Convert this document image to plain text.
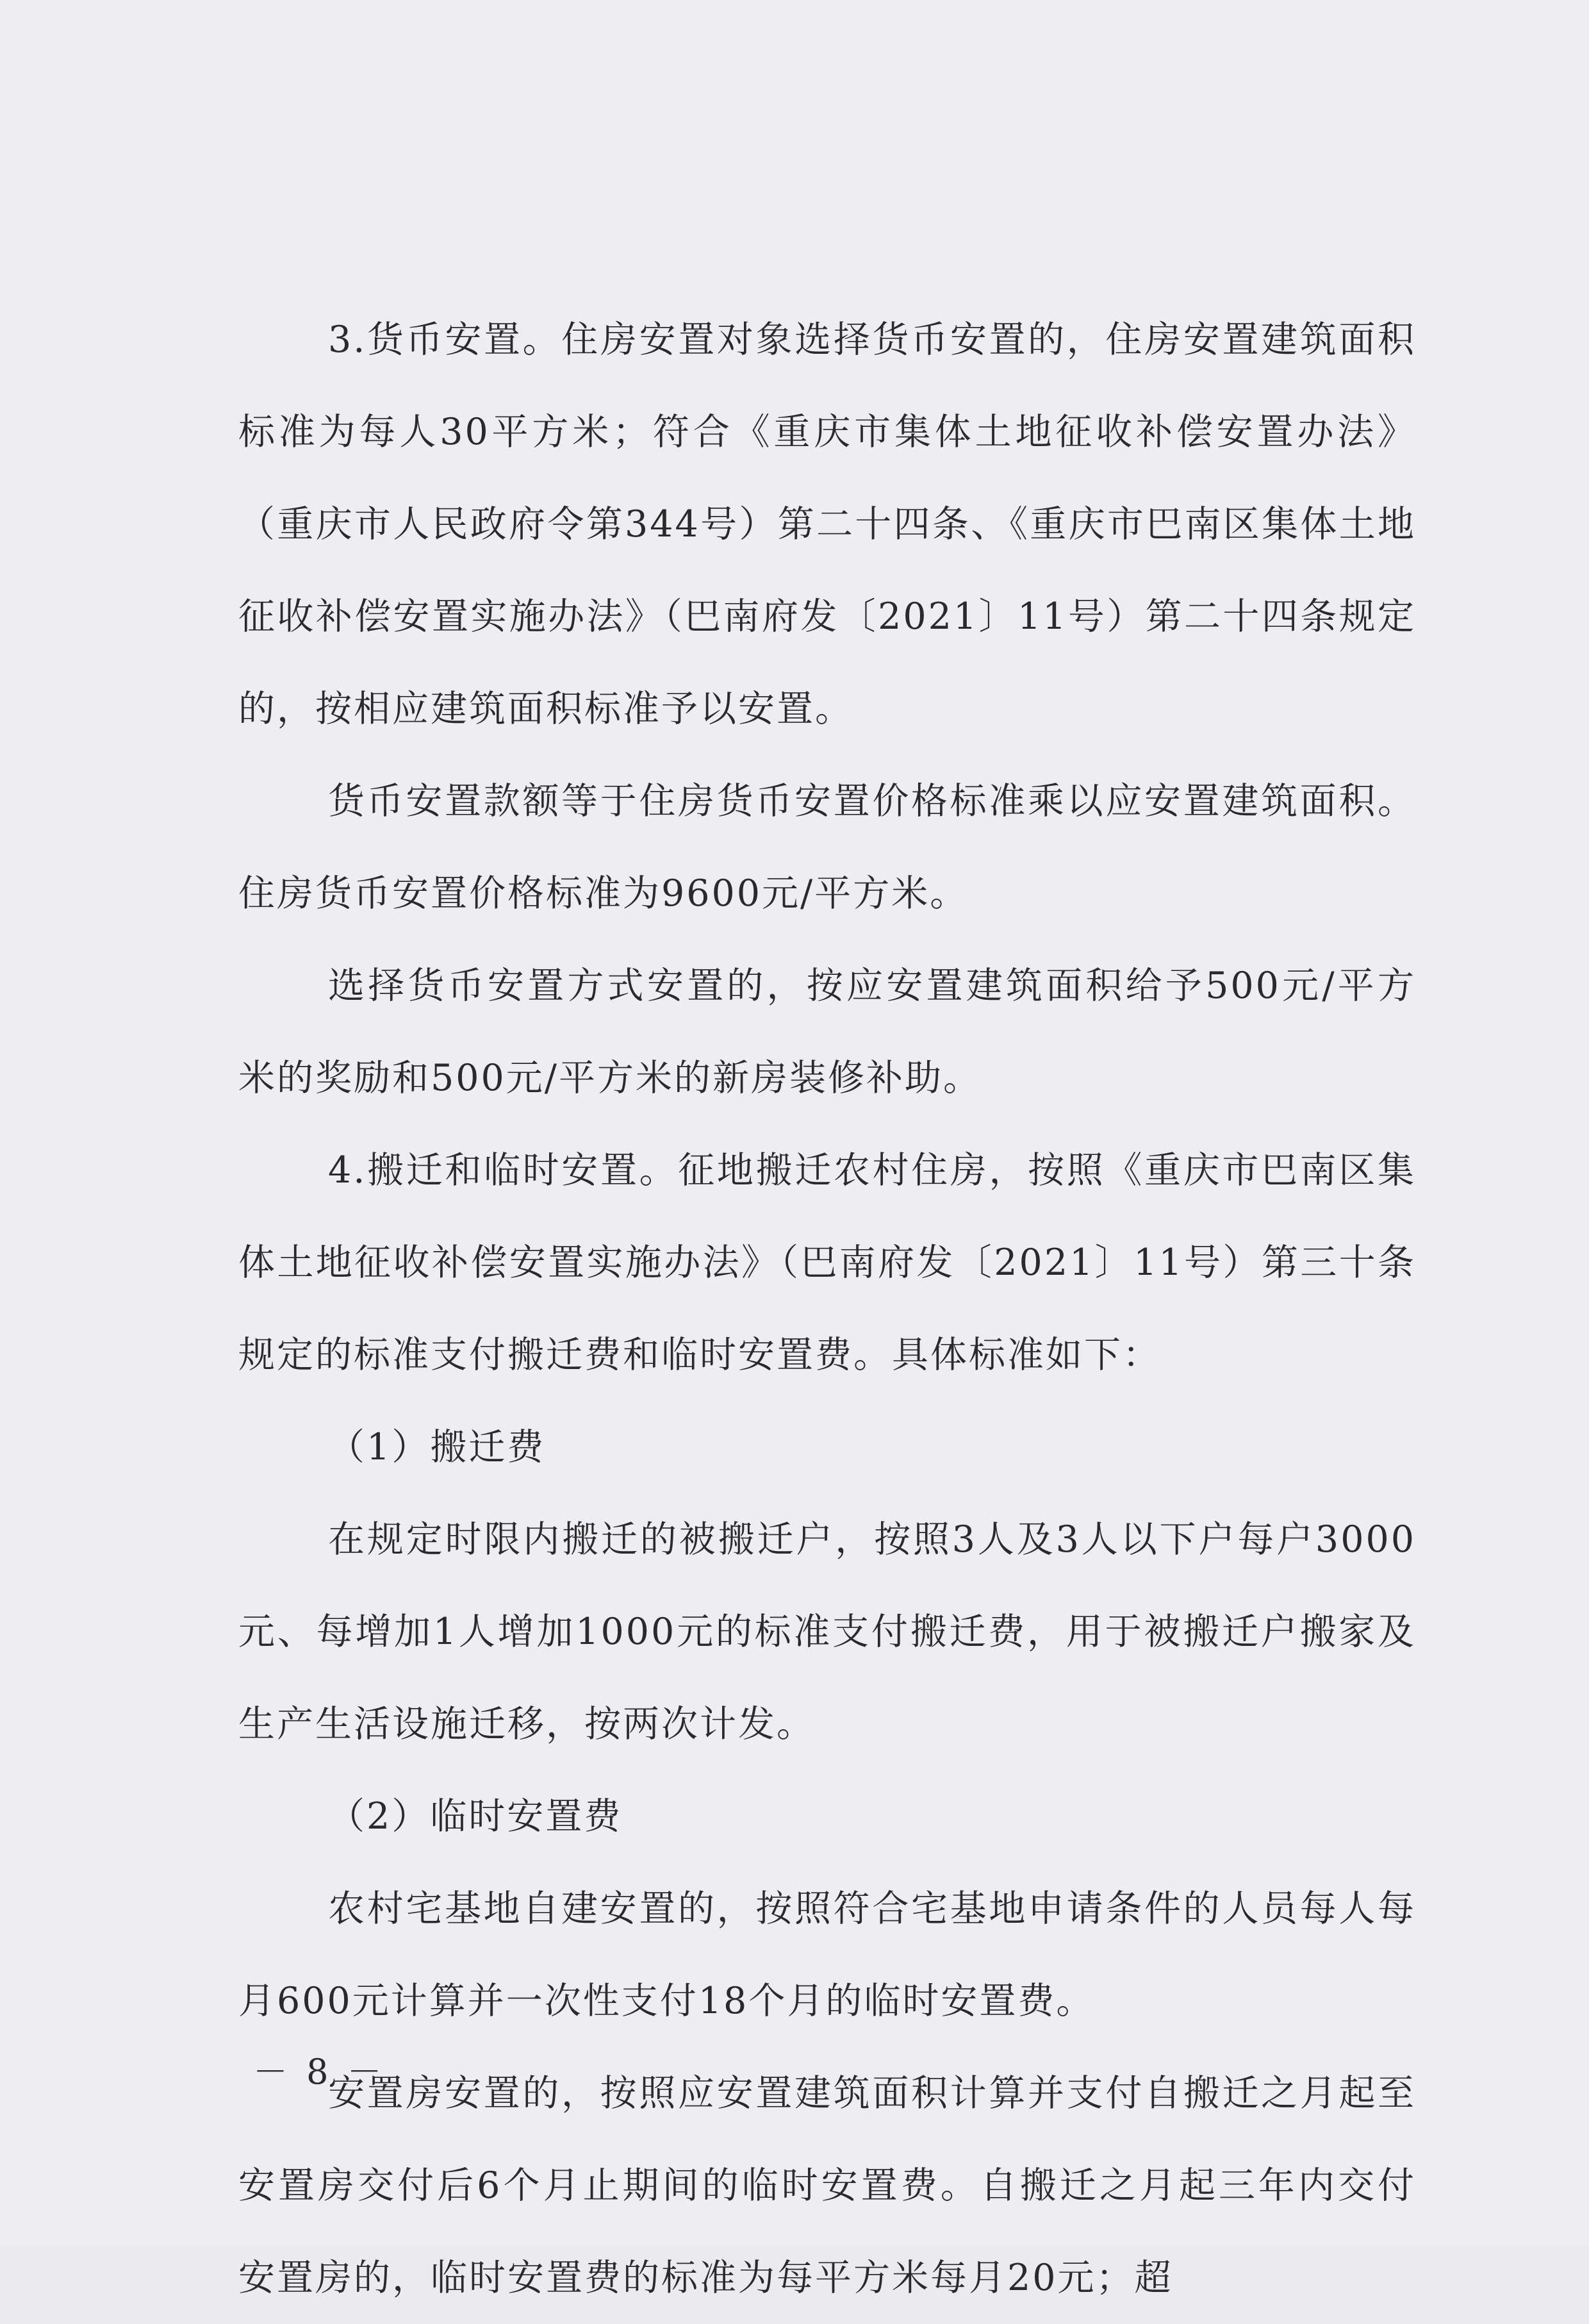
3.货币安置。住房安置对象选择货币安置的，住房安置建筑面积标准为每人30平方米；符合《重庆市集体土地征收补偿安置办法》（重庆市人民政府令第344号）第二十四条、《重庆市巴南区集体土地征收补偿安置实施办法》（巴南府发〔2021〕11号）第二十四条规定的，按相应建筑面积标准予以安置。

货币安置款额等于住房货币安置价格标准乘以应安置建筑面积。住房货币安置价格标准为9600元/平方米。

选择货币安置方式安置的，按应安置建筑面积给予500元/平方米的奖励和500元/平方米的新房装修补助。

4.搬迁和临时安置。征地搬迁农村住房，按照《重庆市巴南区集体土地征收补偿安置实施办法》（巴南府发〔2021〕11号）第三十条规定的标准支付搬迁费和临时安置费。具体标准如下：

（1）搬迁费

在规定时限内搬迁的被搬迁户，按照3人及3人以下户每户3000元、每增加1人增加1000元的标准支付搬迁费，用于被搬迁户搬家及生产生活设施迁移，按两次计发。

（2）临时安置费

农村宅基地自建安置的，按照符合宅基地申请条件的人员每人每月600元计算并一次性支付18个月的临时安置费。

安置房安置的，按照应安置建筑面积计算并支付自搬迁之月起至安置房交付后6个月止期间的临时安置费。自搬迁之月起三年内交付安置房的，临时安置费的标准为每平方米每月20元；超

－ 8 －
